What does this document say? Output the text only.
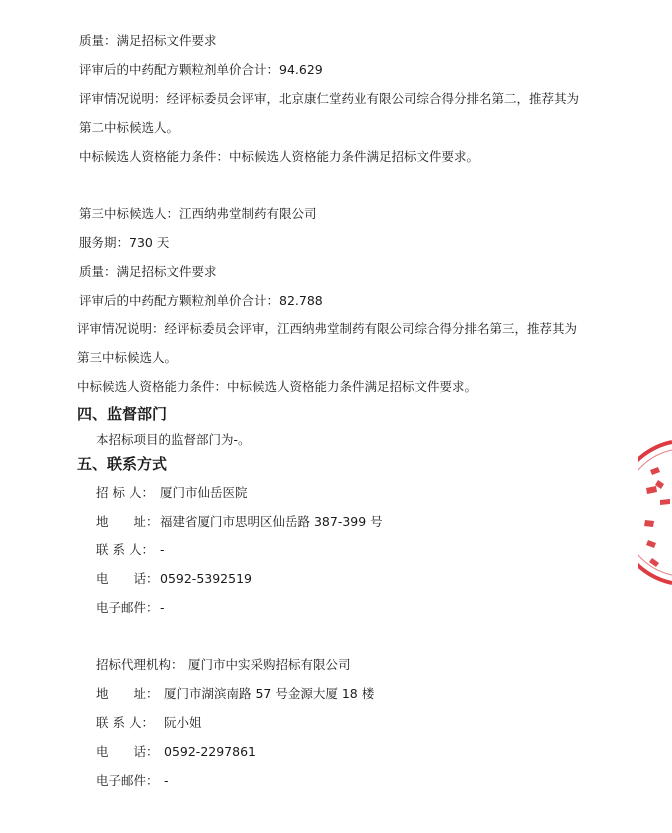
质量：满足招标文件要求
评审后的中药配方颗粒剂单价合计：94.629
评审情况说明：经评标委员会评审，北京康仁堂药业有限公司综合得分排名第二，推荐其为
第二中标候选人。
中标候选人资格能力条件：中标候选人资格能力条件满足招标文件要求。
第三中标候选人：江西纳弗堂制药有限公司
服务期：730 天
质量：满足招标文件要求
评审后的中药配方颗粒剂单价合计：82.788
评审情况说明：经评标委员会评审，江西纳弗堂制药有限公司综合得分排名第三，推荐其为
第三中标候选人。
中标候选人资格能力条件：中标候选人资格能力条件满足招标文件要求。
四、监督部门
本招标项目的监督部门为-。
五、联系方式
招 标 人： 厦门市仙岳医院
地　　址： 福建省厦门市思明区仙岳路 387-399 号
联 系 人： -
电　　话： 0592-5392519
电子邮件： -
招标代理机构： 厦门市中实采购招标有限公司
地　　址： 厦门市湖滨南路 57 号金源大厦 18 楼
联 系 人： 阮小姐
电　　话： 0592-2297861
电子邮件： -
